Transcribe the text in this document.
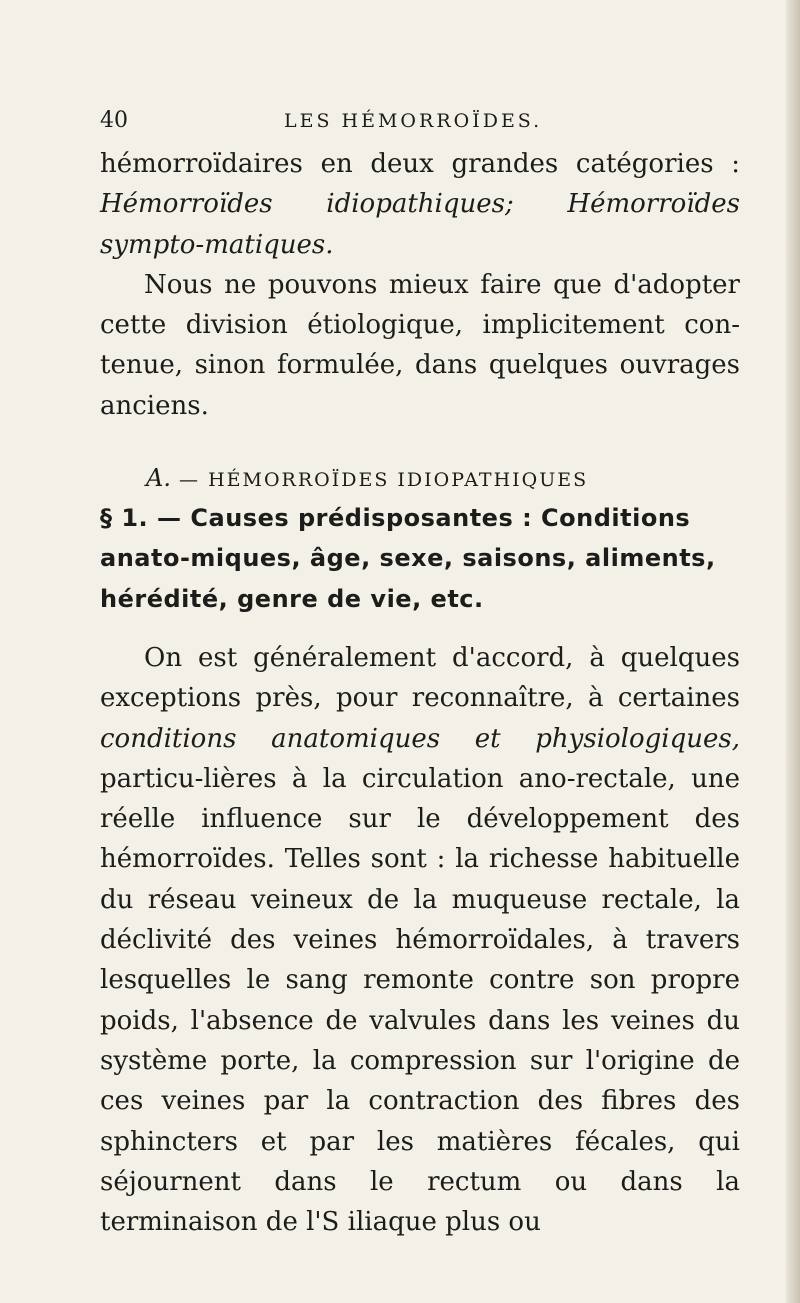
40	LES HÉMORROÏDES.

hémorroïdaires en deux grandes catégories : Hémorroïdes idiopathiques; Hémorroïdes sympto-matiques.

Nous ne pouvons mieux faire que d'adopter cette division étiologique, implicitement con-tenue, sinon formulée, dans quelques ouvrages anciens.

A. — HÉMORROÏDES IDIOPATHIQUES
§ 1. — Causes prédisposantes : Conditions anato-miques, âge, sexe, saisons, aliments, hérédité, genre de vie, etc.

On est généralement d'accord, à quelques exceptions près, pour reconnaître, à certaines conditions anatomiques et physiologiques, particu-lières à la circulation ano-rectale, une réelle influence sur le développement des hémorroïdes. Telles sont : la richesse habituelle du réseau veineux de la muqueuse rectale, la déclivité des veines hémorroïdales, à travers lesquelles le sang remonte contre son propre poids, l'absence de valvules dans les veines du système porte, la compression sur l'origine de ces veines par la contraction des fibres des sphincters et par les matières fécales, qui séjournent dans le rectum ou dans la terminaison de l'S iliaque plus ou
